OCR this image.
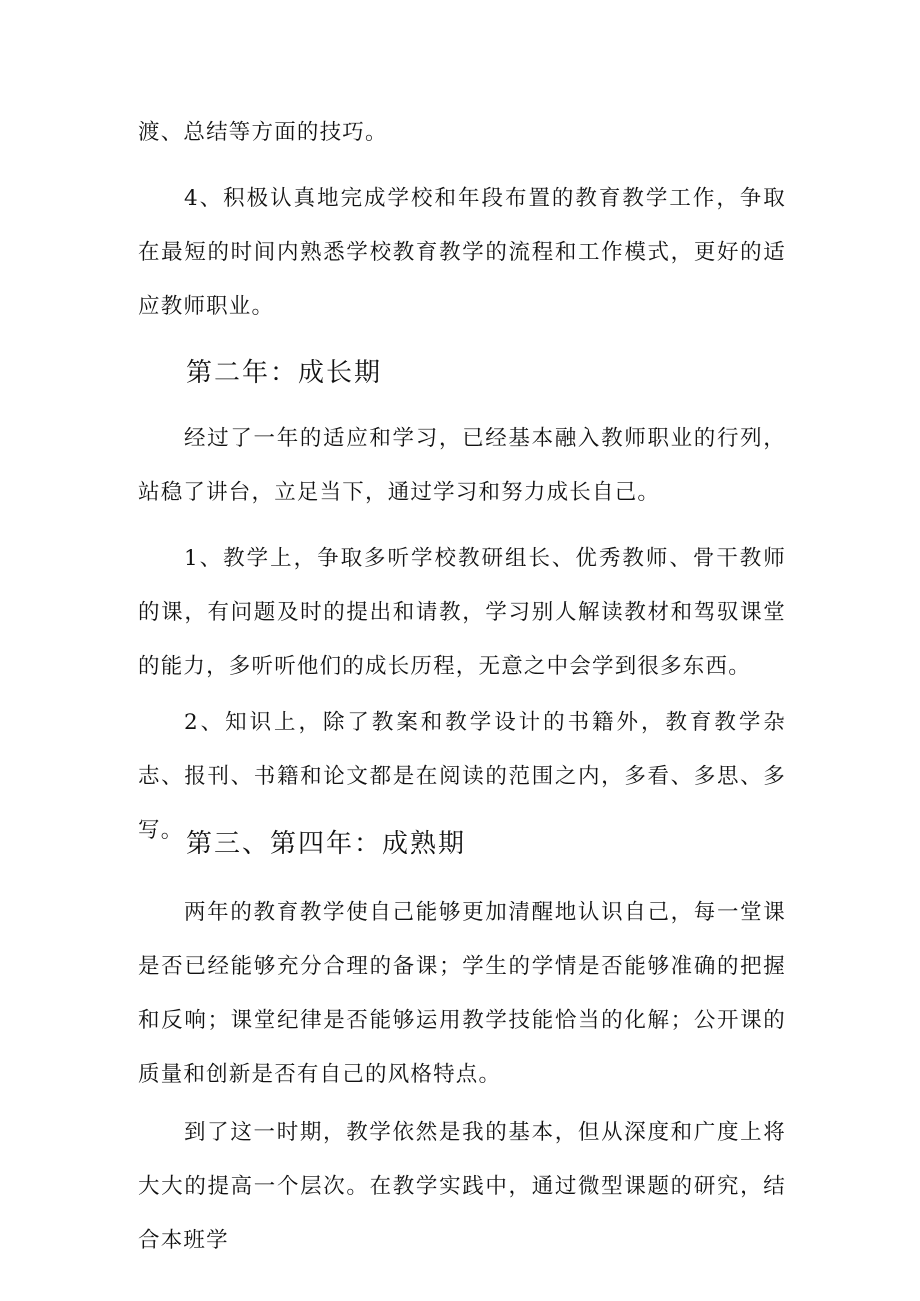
渡、总结等方面的技巧。

4、积极认真地完成学校和年段布置的教育教学工作，争取在最短的时间内熟悉学校教育教学的流程和工作模式，更好的适应教师职业。

第二年：成长期

经过了一年的适应和学习，已经基本融入教师职业的行列，站稳了讲台，立足当下，通过学习和努力成长自己。

1、教学上，争取多听学校教研组长、优秀教师、骨干教师的课，有问题及时的提出和请教，学习别人解读教材和驾驭课堂的能力，多听听他们的成长历程，无意之中会学到很多东西。

2、知识上，除了教案和教学设计的书籍外，教育教学杂志、报刊、书籍和论文都是在阅读的范围之内，多看、多思、多写。 第三、第四年：成熟期

两年的教育教学使自己能够更加清醒地认识自己，每一堂课是否已经能够充分合理的备课；学生的学情是否能够准确的把握和反响；课堂纪律是否能够运用教学技能恰当的化解；公开课的质量和创新是否有自己的风格特点。

到了这一时期，教学依然是我的基本，但从深度和广度上将大大的提高一个层次。在教学实践中，通过微型课题的研究，结合本班学
